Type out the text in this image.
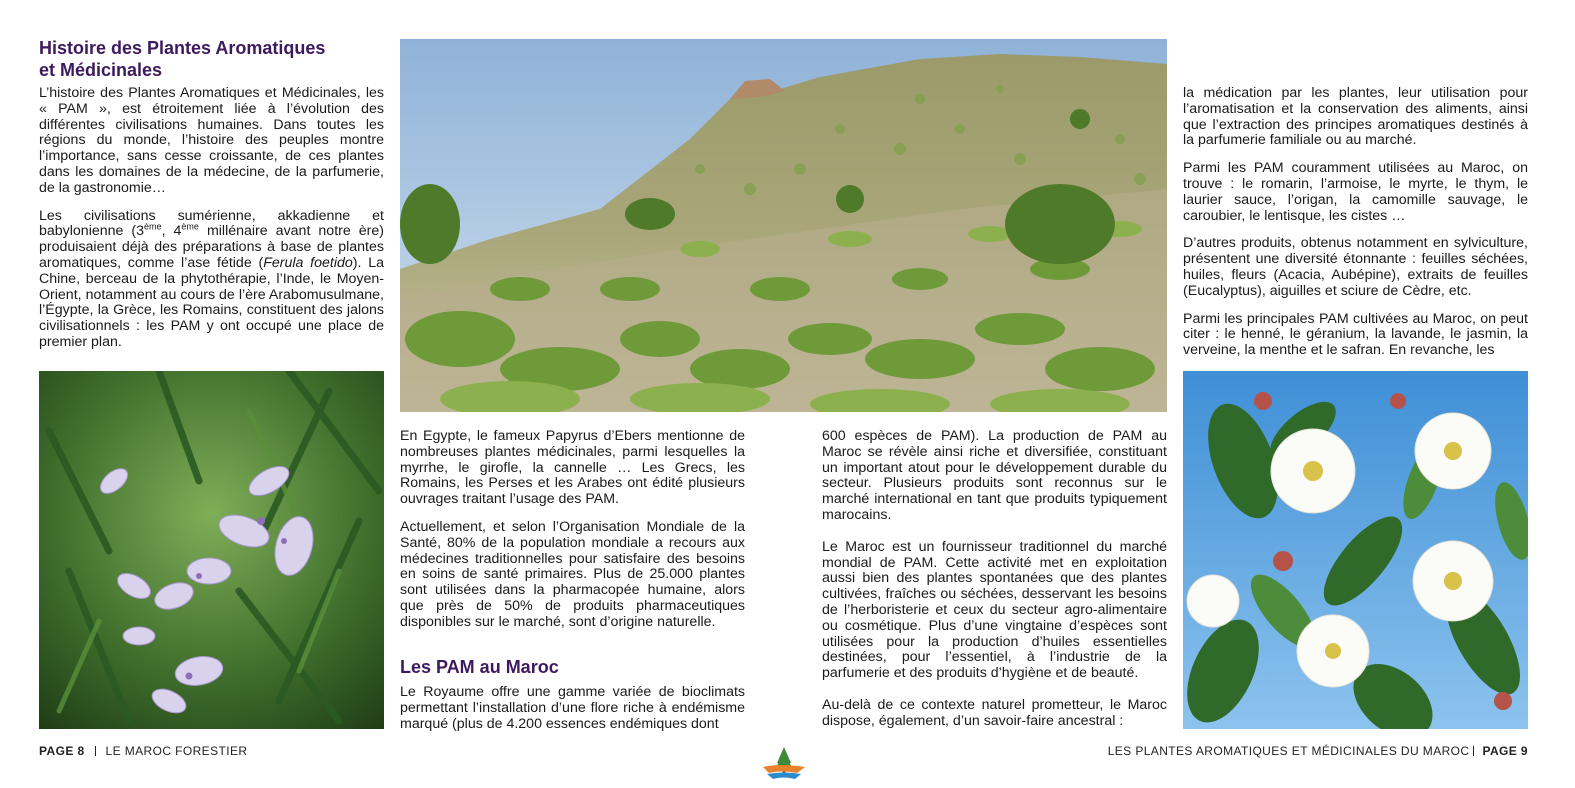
Histoire des Plantes Aromatiques
et Médicinales

L’histoire des Plantes Aromatiques et Médicinales, les « PAM », est étroitement liée à l’évolution des différentes civilisations humaines. Dans toutes les régions du monde, l’histoire des peuples montre l’importance, sans cesse croissante, de ces plantes dans les domaines de la médecine, de la parfumerie, de la gastronomie…

Les civilisations sumérienne, akkadienne et babylonienne (3ème, 4ème millénaire avant notre ère) produisaient déjà des préparations à base de plantes aromatiques, comme l’ase fétide (Ferula foetido). La Chine, berceau de la phytothérapie, l’Inde, le Moyen-Orient, notamment au cours de l’ère Arabomusulmane, l’Égypte, la Grèce, les Romains, constituent des jalons civilisationnels : les PAM y ont occupé une place de premier plan.

En Egypte, le fameux Papyrus d’Ebers mentionne de nombreuses plantes médicinales, parmi lesquelles la myrrhe, le girofle, la cannelle … Les Grecs, les Romains, les Perses et les Arabes ont édité plusieurs ouvrages traitant l’usage des PAM.

Actuellement, et selon l’Organisation Mondiale de la Santé, 80% de la population mondiale a recours aux médecines traditionnelles pour satisfaire des besoins en soins de santé primaires. Plus de 25.000 plantes sont utilisées dans la pharmacopée humaine, alors que près de 50% de produits pharmaceutiques disponibles sur le marché, sont d’origine naturelle.

Les PAM au Maroc

Le Royaume offre une gamme variée de bioclimats permettant l’installation d’une flore riche à endémisme marqué (plus de 4.200 essences endémiques dont

600 espèces de PAM). La production de PAM au Maroc se révèle ainsi riche et diversifiée, constituant un important atout pour le développement durable du secteur. Plusieurs produits sont reconnus sur le marché international en tant que produits typiquement marocains.

Le Maroc est un fournisseur traditionnel du marché mondial de PAM. Cette activité met en exploitation aussi bien des plantes spontanées que des plantes cultivées, fraîches ou séchées, desservant les besoins de l’herboristerie et ceux du secteur agro-alimentaire ou cosmétique. Plus d’une vingtaine d’espèces sont utilisées pour la production d’huiles essentielles destinées, pour l’essentiel, à l’industrie de la parfumerie et des produits d’hygiène et de beauté.

Au-delà de ce contexte naturel prometteur, le Maroc dispose, également, d’un savoir-faire ancestral :

la médication par les plantes, leur utilisation pour l’aromatisation et la conservation des aliments, ainsi que l’extraction des principes aromatiques destinés à la parfumerie familiale ou au marché.

Parmi les PAM couramment utilisées au Maroc, on trouve : le romarin, l’armoise, le myrte, le thym, le laurier sauce, l’origan, la camomille sauvage, le caroubier, le lentisque, les cistes …

D’autres produits, obtenus notamment en sylviculture, présentent une diversité étonnante : feuilles séchées, huiles, fleurs (Acacia, Aubépine), extraits de feuilles (Eucalyptus), aiguilles et sciure de Cèdre, etc.

Parmi les principales PAM cultivées au Maroc, on peut citer : le henné, le géranium, la lavande, le jasmin, la verveine, la menthe et le safran. En revanche, les

PAGE 8 LE MAROC FORESTIER	LES PLANTES AROMATIQUES ET MÉDICINALES DU MAROC PAGE 9
